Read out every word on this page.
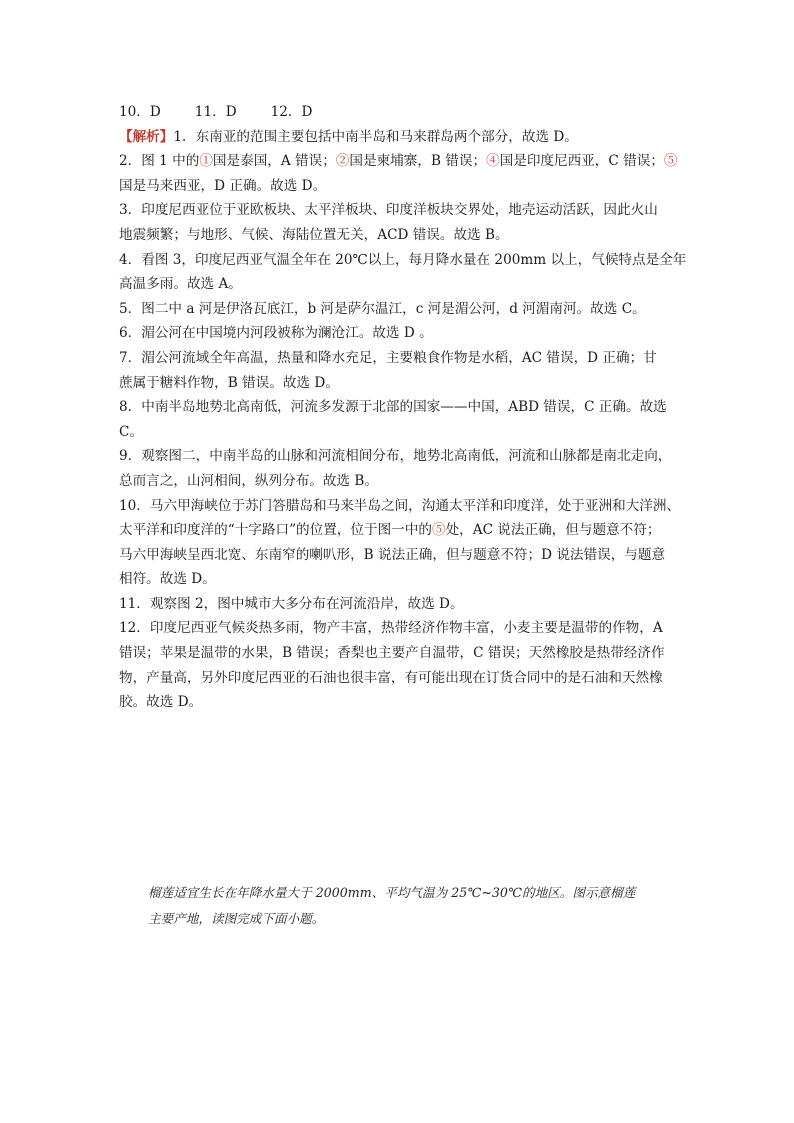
10．D	11．D	12．D
【解析】1．东南亚的范围主要包括中南半岛和马来群岛两个部分，故选 D。
2．图 1 中的①国是泰国，A 错误；②国是柬埔寨，B 错误；④国是印度尼西亚，C 错误；⑤
国是马来西亚，D 正确。故选 D。
3．印度尼西亚位于亚欧板块、太平洋板块、印度洋板块交界处，地壳运动活跃，因此火山
地震频繁；与地形、气候、海陆位置无关，ACD 错误。故选 B。
4．看图 3，印度尼西亚气温全年在 20℃以上，每月降水量在 200mm 以上，气候特点是全年
高温多雨。故选 A。
5．图二中 a 河是伊洛瓦底江，b 河是萨尔温江，c 河是湄公河，d 河湄南河。故选 C。
6．湄公河在中国境内河段被称为澜沧江。故选 D 。
7．湄公河流域全年高温，热量和降水充足，主要粮食作物是水稻，AC 错误，D 正确；甘
蔗属于糖料作物，B 错误。故选 D。
8．中南半岛地势北高南低，河流多发源于北部的国家——中国，ABD 错误，C 正确。故选
C。
9．观察图二，中南半岛的山脉和河流相间分布，地势北高南低，河流和山脉都是南北走向，
总而言之，山河相间，纵列分布。故选 B。
10．马六甲海峡位于苏门答腊岛和马来半岛之间，沟通太平洋和印度洋，处于亚洲和大洋洲、
太平洋和印度洋的“十字路口”的位置，位于图一中的⑤处，AC 说法正确，但与题意不符；
马六甲海峡呈西北宽、东南窄的喇叭形，B 说法正确，但与题意不符；D 说法错误，与题意
相符。故选 D。
11．观察图 2，图中城市大多分布在河流沿岸，故选 D。
12．印度尼西亚气候炎热多雨，物产丰富，热带经济作物丰富，小麦主要是温带的作物，A
错误；苹果是温带的水果，B 错误；香梨也主要产自温带，C 错误；天然橡胶是热带经济作
物，产量高，另外印度尼西亚的石油也很丰富，有可能出现在订货合同中的是石油和天然橡
胶。故选 D。
榴莲适宜生长在年降水量大于 2000mm、平均气温为 25℃~30℃的地区。图示意榴莲
主要产地，读图完成下面小题。
